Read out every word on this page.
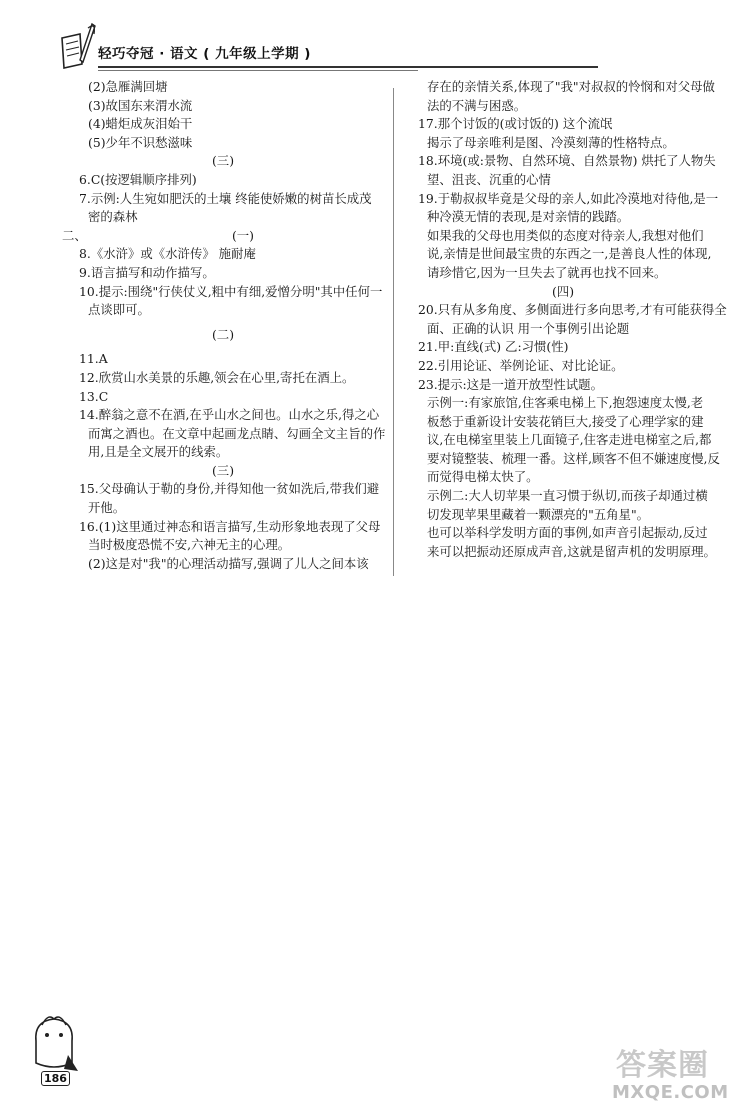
轻巧夺冠 · 语文 ( 九年级上学期 )
(2)急雁满回塘
(3)故国东来渭水流
(4)蜡炬成灰泪始干
(5)少年不识愁滋味
(三)
6.C(按逻辑顺序排列)
7.示例:人生宛如肥沃的土壤 终能使娇嫩的树苗长成茂
密的森林
二、	(一)
8.《水浒》或《水浒传》 施耐庵
9.语言描写和动作描写。
10.提示:围绕"行侠仗义,粗中有细,爱憎分明"其中任何一
点谈即可。
(二)
11.A
12.欣赏山水美景的乐趣,领会在心里,寄托在酒上。
13.C
14.醉翁之意不在酒,在乎山水之间也。山水之乐,得之心
而寓之酒也。在文章中起画龙点睛、勾画全文主旨的作
用,且是全文展开的线索。
(三)
15.父母确认于勒的身份,并得知他一贫如洗后,带我们避
开他。
16.(1)这里通过神态和语言描写,生动形象地表现了父母
当时极度恐慌不安,六神无主的心理。
(2)这是对"我"的心理活动描写,强调了儿人之间本该
存在的亲情关系,体现了"我"对叔叔的怜悯和对父母做
法的不满与困惑。
17.那个讨饭的(或讨饭的) 这个流氓
揭示了母亲唯利是图、冷漠刻薄的性格特点。
18.环境(或:景物、自然环境、自然景物) 烘托了人物失
望、沮丧、沉重的心情
19.于勒叔叔毕竟是父母的亲人,如此冷漠地对待他,是一
种冷漠无情的表现,是对亲情的践踏。
如果我的父母也用类似的态度对待亲人,我想对他们
说,亲情是世间最宝贵的东西之一,是善良人性的体现,
请珍惜它,因为一旦失去了就再也找不回来。
(四)
20.只有从多角度、多侧面进行多向思考,才有可能获得全
面、正确的认识 用一个事例引出论题
21.甲:直线(式) 乙:习惯(性)
22.引用论证、举例论证、对比论证。
23.提示:这是一道开放型性试题。
示例一:有家旅馆,住客乘电梯上下,抱怨速度太慢,老
板愁于重新设计安装花销巨大,接受了心理学家的建
议,在电梯室里装上几面镜子,住客走进电梯室之后,都
要对镜整装、梳理一番。这样,顾客不但不嫌速度慢,反
而觉得电梯太快了。
示例二:大人切苹果一直习惯于纵切,而孩子却通过横
切发现苹果里藏着一颗漂亮的"五角星"。
也可以举科学发明方面的事例,如声音引起振动,反过
来可以把振动还原成声音,这就是留声机的发明原理。
186	答案圈
MXQE.COM
